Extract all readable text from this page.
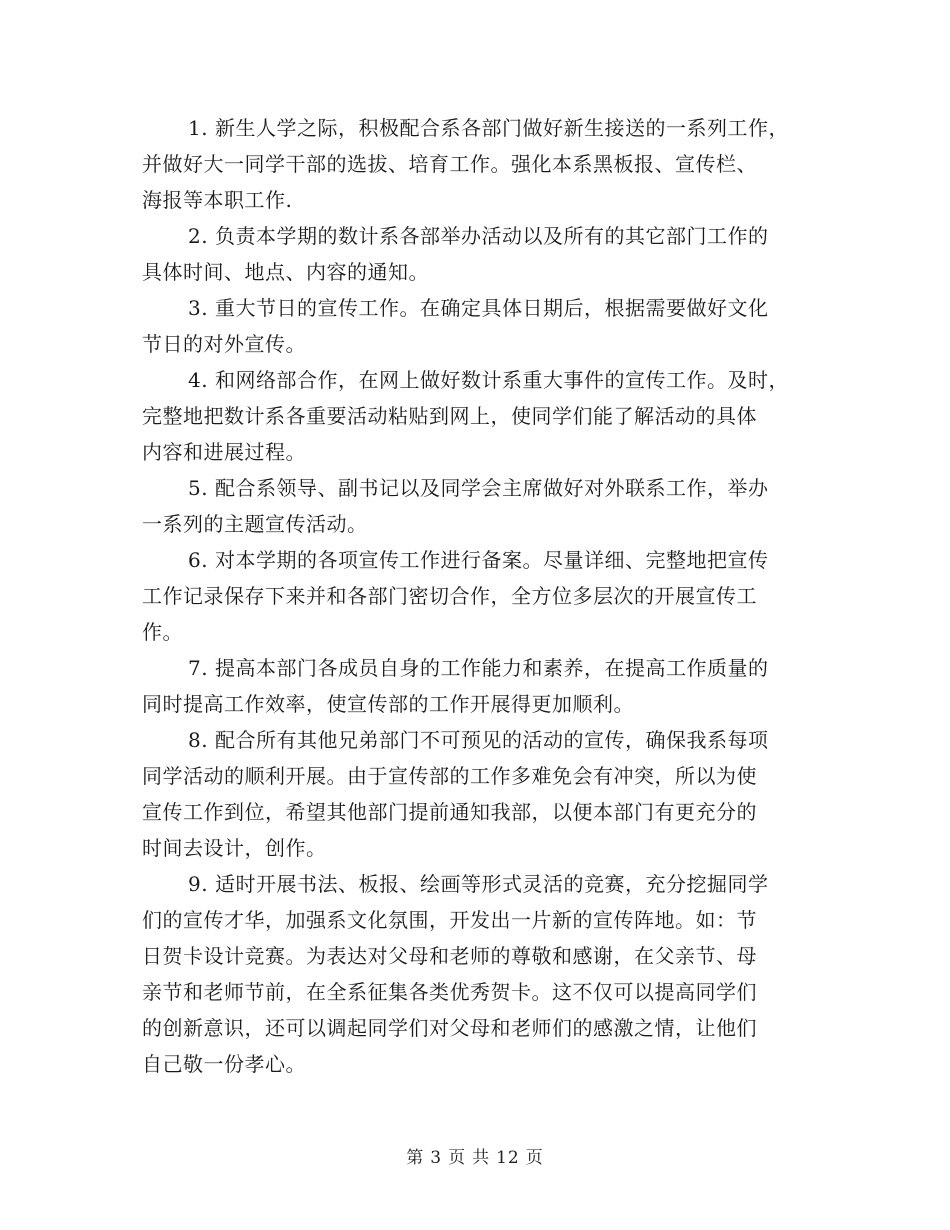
1. 新生人学之际，积极配合系各部门做好新生接送的一系列工作，
并做好大一同学干部的选拔、培育工作。强化本系黑板报、宣传栏、
海报等本职工作.
2. 负责本学期的数计系各部举办活动以及所有的其它部门工作的
具体时间、地点、内容的通知。
3. 重大节日的宣传工作。在确定具体日期后，根据需要做好文化
节日的对外宣传。
4. 和网络部合作，在网上做好数计系重大事件的宣传工作。及时，
完整地把数计系各重要活动粘贴到网上，使同学们能了解活动的具体
内容和进展过程。
5. 配合系领导、副书记以及同学会主席做好对外联系工作，举办
一系列的主题宣传活动。
6. 对本学期的各项宣传工作进行备案。尽量详细、完整地把宣传
工作记录保存下来并和各部门密切合作，全方位多层次的开展宣传工
作。
7. 提高本部门各成员自身的工作能力和素养，在提高工作质量的
同时提高工作效率，使宣传部的工作开展得更加顺利。
8. 配合所有其他兄弟部门不可预见的活动的宣传，确保我系每项
同学活动的顺利开展。由于宣传部的工作多难免会有冲突，所以为使
宣传工作到位，希望其他部门提前通知我部，以便本部门有更充分的
时间去设计，创作。
9. 适时开展书法、板报、绘画等形式灵活的竞赛，充分挖掘同学
们的宣传才华，加强系文化氛围，开发出一片新的宣传阵地。如：节
日贺卡设计竞赛。为表达对父母和老师的尊敬和感谢，在父亲节、母
亲节和老师节前，在全系征集各类优秀贺卡。这不仅可以提高同学们
的创新意识，还可以调起同学们对父母和老师们的感激之情，让他们
自己敬一份孝心。
第 3 页 共 12 页
